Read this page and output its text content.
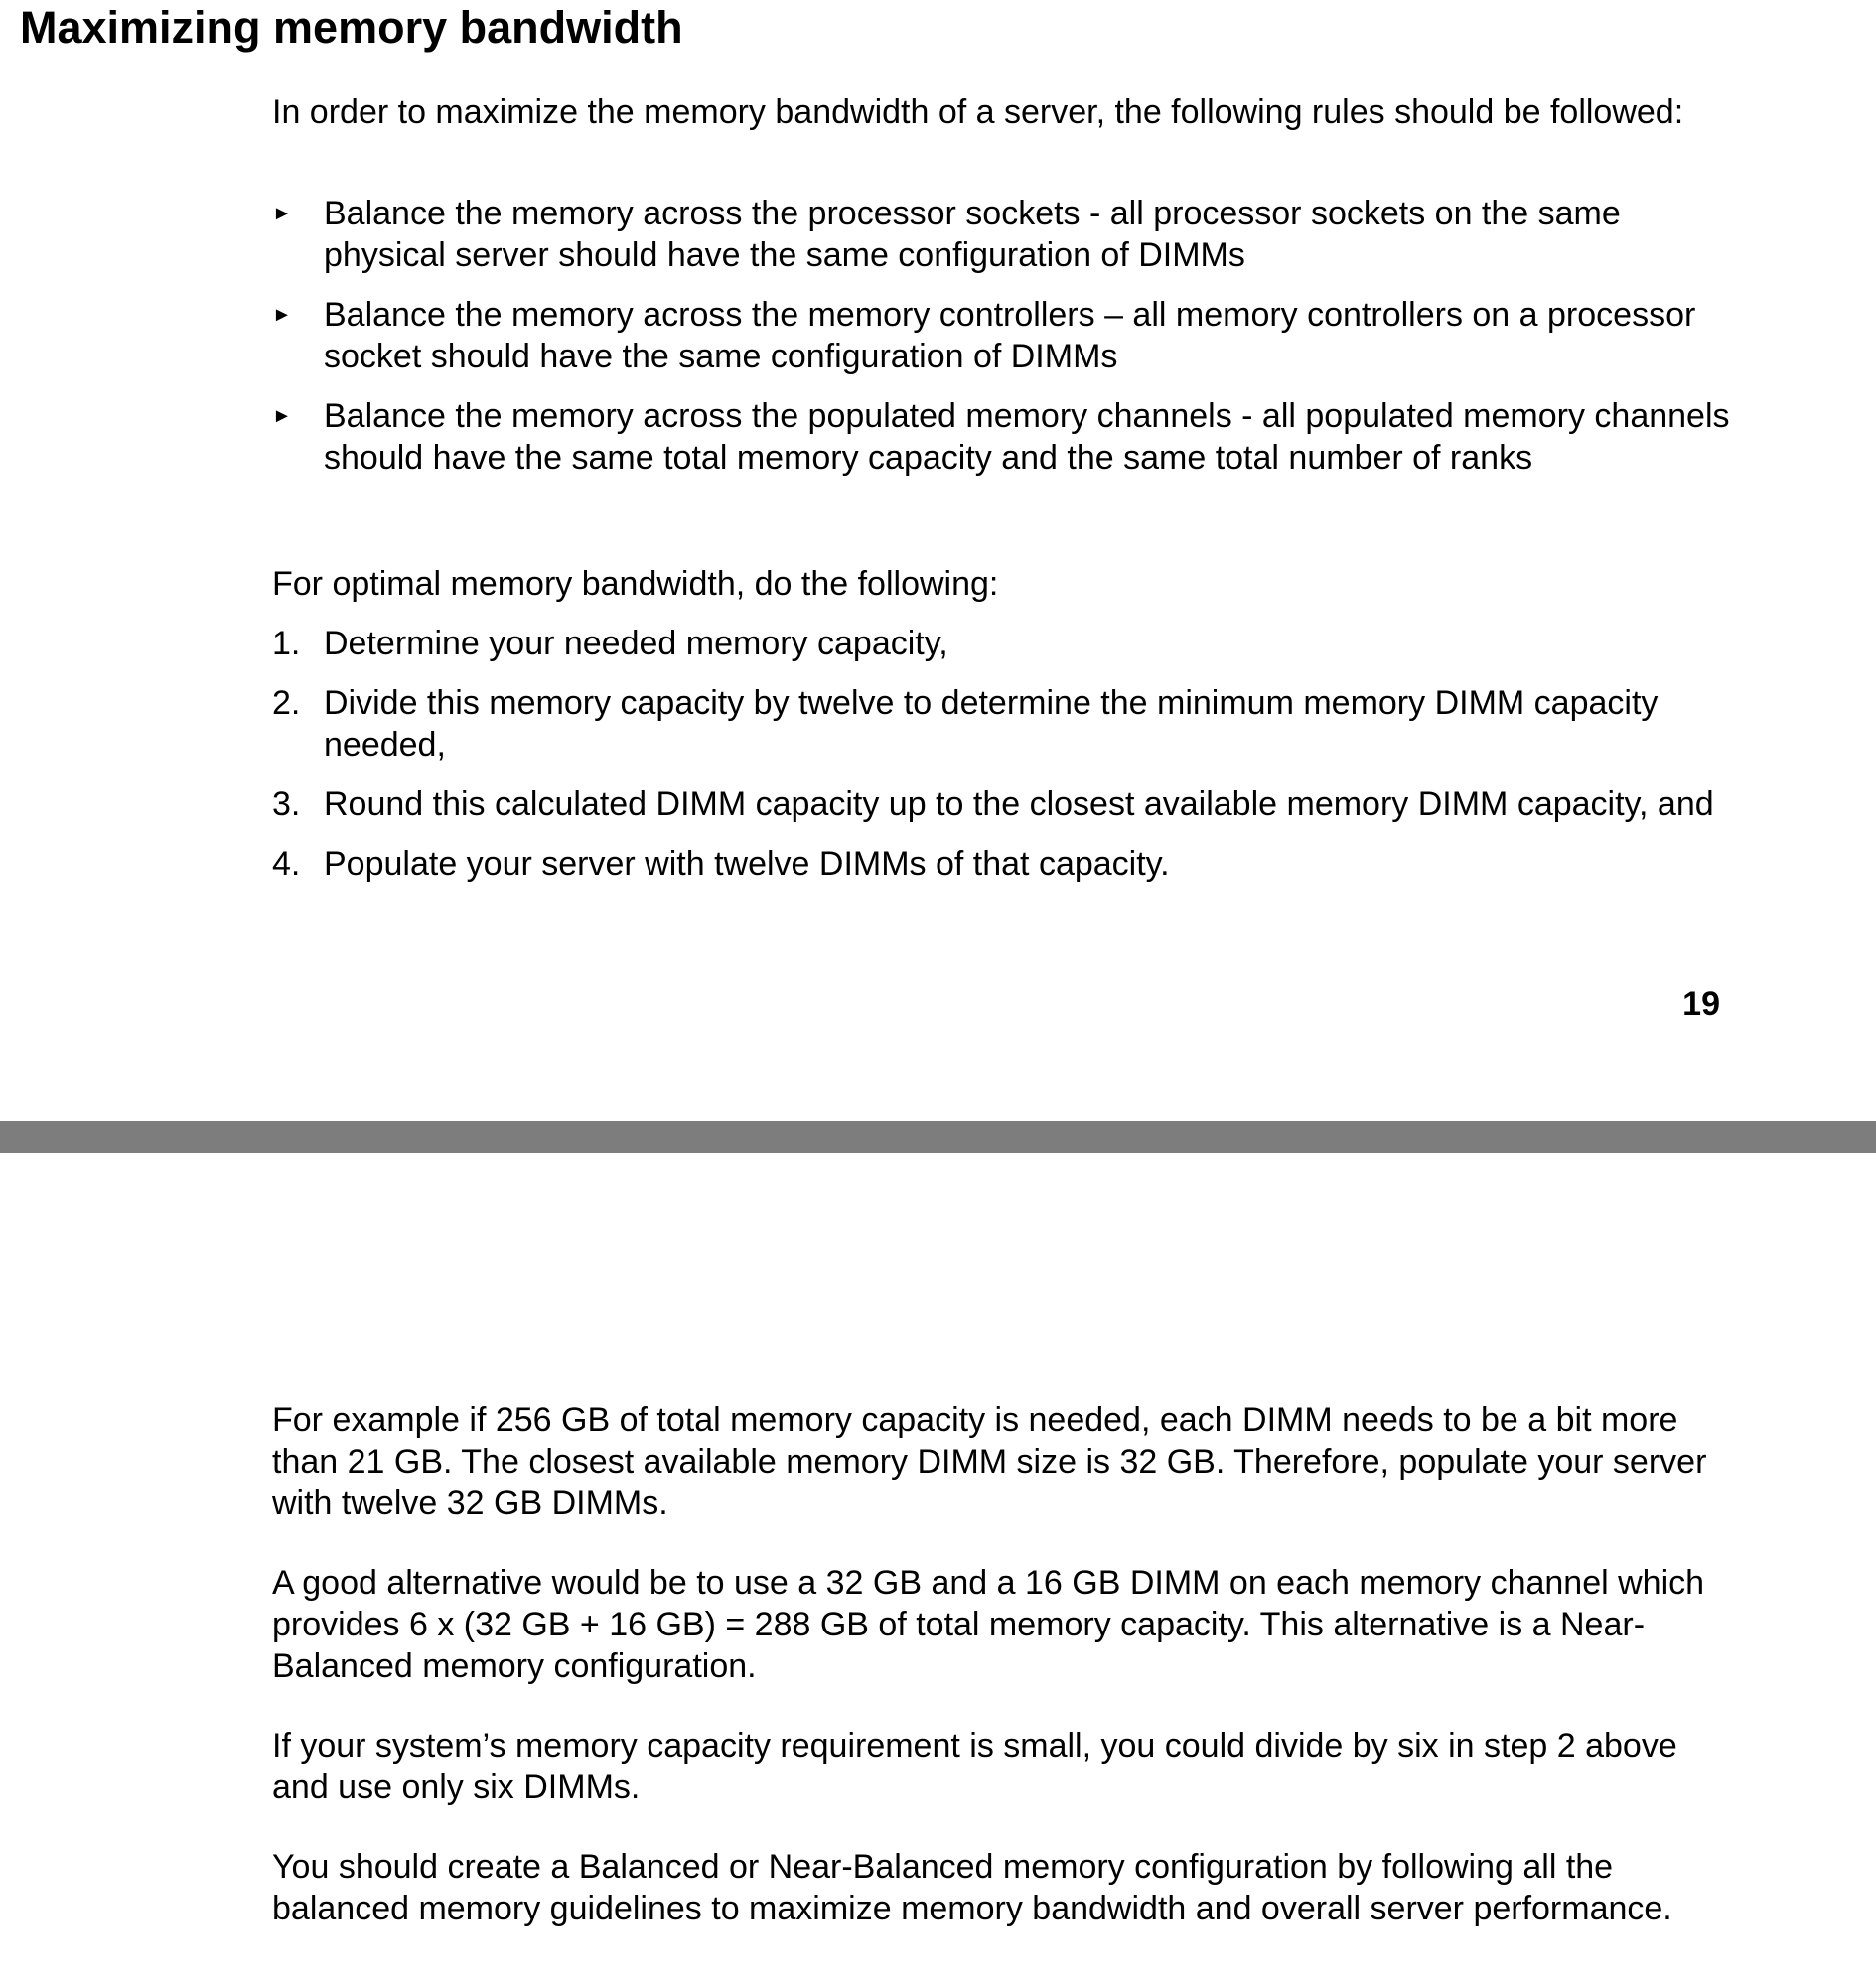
Maximizing memory bandwidth

In order to maximize the memory bandwidth of a server, the following rules should be followed:

► Balance the memory across the processor sockets - all processor sockets on the same physical server should have the same configuration of DIMMs
► Balance the memory across the memory controllers – all memory controllers on a processor socket should have the same configuration of DIMMs
► Balance the memory across the populated memory channels - all populated memory channels should have the same total memory capacity and the same total number of ranks

For optimal memory bandwidth, do the following:

1. Determine your needed memory capacity,
2. Divide this memory capacity by twelve to determine the minimum memory DIMM capacity needed,
3. Round this calculated DIMM capacity up to the closest available memory DIMM capacity, and
4. Populate your server with twelve DIMMs of that capacity.
19

For example if 256 GB of total memory capacity is needed, each DIMM needs to be a bit more than 21 GB. The closest available memory DIMM size is 32 GB. Therefore, populate your server with twelve 32 GB DIMMs.

A good alternative would be to use a 32 GB and a 16 GB DIMM on each memory channel which provides 6 x (32 GB + 16 GB) = 288 GB of total memory capacity. This alternative is a Near-Balanced memory configuration.

If your system’s memory capacity requirement is small, you could divide by six in step 2 above and use only six DIMMs.

You should create a Balanced or Near-Balanced memory configuration by following all the balanced memory guidelines to maximize memory bandwidth and overall server performance.
